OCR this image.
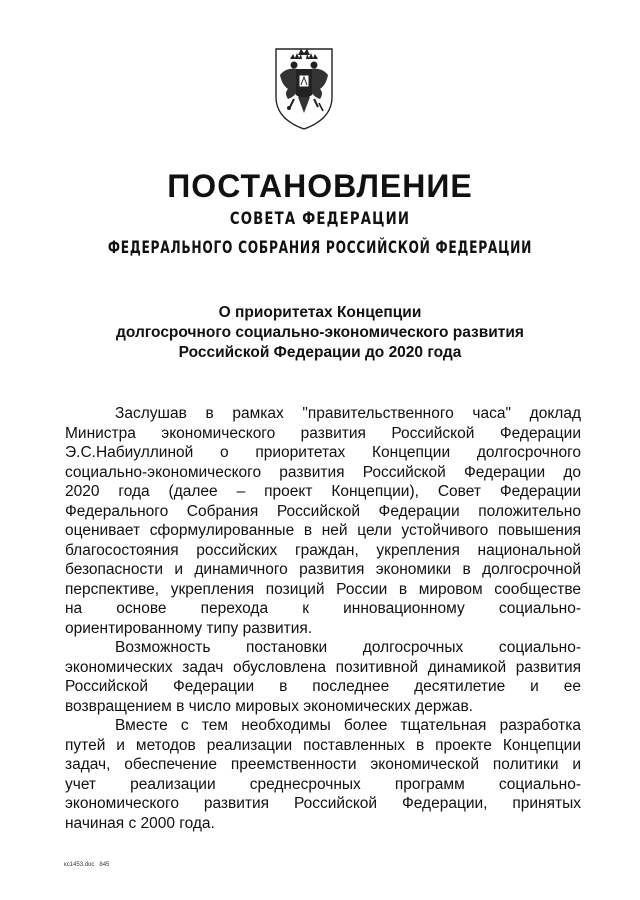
ПОСТАНОВЛЕНИЕ
СОВЕТА ФЕДЕРАЦИИ
ФЕДЕРАЛЬНОГО СОБРАНИЯ РОССИЙСКОЙ ФЕДЕРАЦИИ
О приоритетах Концепции
долгосрочного социально-экономического развития
Российской Федерации до 2020 года
Заслушав в рамках "правительственного часа" доклад
Министра экономического развития Российской Федерации
Э.С.Набиуллиной о приоритетах Концепции долгосрочного
социально-экономического развития Российской Федерации до
2020 года (далее – проект Концепции), Совет Федерации
Федерального Собрания Российской Федерации положительно
оценивает сформулированные в ней цели устойчивого повышения
благосостояния российских граждан, укрепления национальной
безопасности и динамичного развития экономики в долгосрочной
перспективе, укрепления позиций России в мировом сообществе
на основе перехода к инновационному социально-
ориентированному типу развития.
Возможность постановки долгосрочных социально-
экономических задач обусловлена позитивной динамикой развития
Российской Федерации в последнее десятилетие и ее
возвращением в число мировых экономических держав.
Вместе с тем необходимы более тщательная разработка
путей и методов реализации поставленных в проекте Концепции
задач, обеспечение преемственности экономической политики и
учет реализации среднесрочных программ социально-
экономического развития Российской Федерации, принятых
начиная с 2000 года.
кс1453.doc   845
